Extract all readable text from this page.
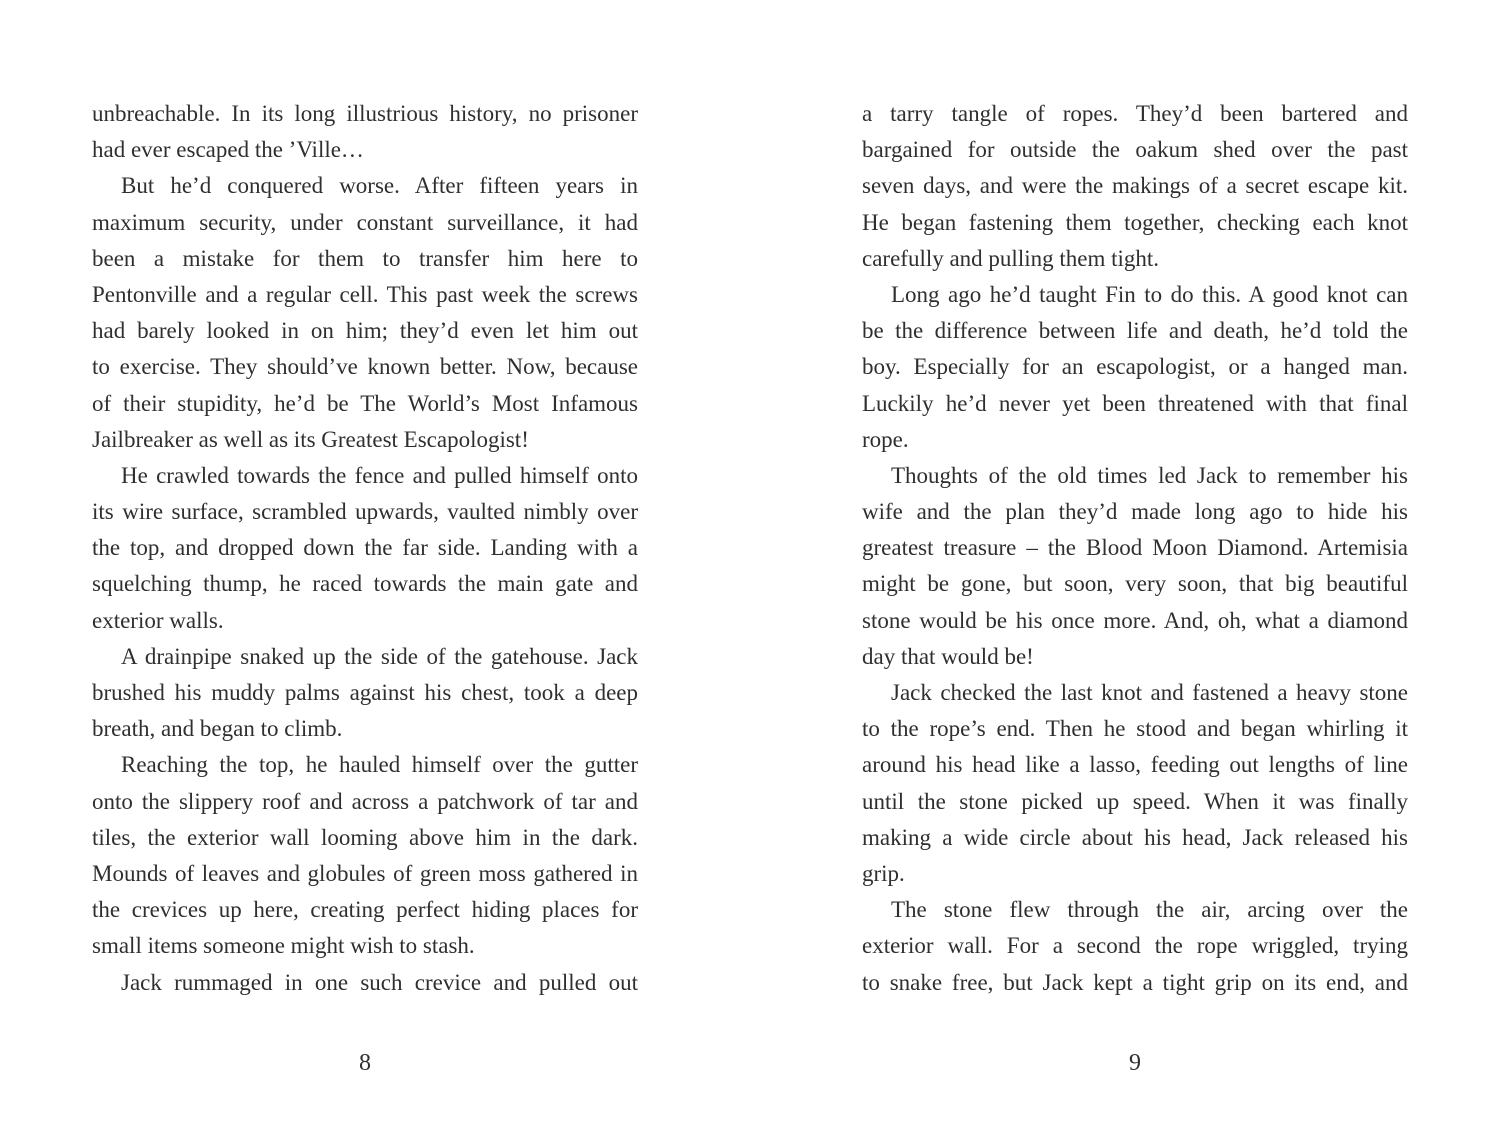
unbreachable. In its long illustrious history, no prisoner
had ever escaped the ’Ville…
But he’d conquered worse. After fifteen years in
maximum security, under constant surveillance, it had
been a mistake for them to transfer him here to
Pentonville and a regular cell. This past week the screws
had barely looked in on him; they’d even let him out
to exercise. They should’ve known better. Now, because
of their stupidity, he’d be The World’s Most Infamous
Jailbreaker as well as its Greatest Escapologist!
He crawled towards the fence and pulled himself onto
its wire surface, scrambled upwards, vaulted nimbly over
the top, and dropped down the far side. Landing with a
squelching thump, he raced towards the main gate and
exterior walls.
A drainpipe snaked up the side of the gatehouse. Jack
brushed his muddy palms against his chest, took a deep
breath, and began to climb.
Reaching the top, he hauled himself over the gutter
onto the slippery roof and across a patchwork of tar and
tiles, the exterior wall looming above him in the dark.
Mounds of leaves and globules of green moss gathered in
the crevices up here, creating perfect hiding places for
small items someone might wish to stash.
Jack rummaged in one such crevice and pulled out
8
a tarry tangle of ropes. They’d been bartered and
bargained for outside the oakum shed over the past
seven days, and were the makings of a secret escape kit.
He began fastening them together, checking each knot
carefully and pulling them tight.
Long ago he’d taught Fin to do this. A good knot can
be the difference between life and death, he’d told the
boy. Especially for an escapologist, or a hanged man.
Luckily he’d never yet been threatened with that final
rope.
Thoughts of the old times led Jack to remember his
wife and the plan they’d made long ago to hide his
greatest treasure – the Blood Moon Diamond. Artemisia
might be gone, but soon, very soon, that big beautiful
stone would be his once more. And, oh, what a diamond
day that would be!
Jack checked the last knot and fastened a heavy stone
to the rope’s end. Then he stood and began whirling it
around his head like a lasso, feeding out lengths of line
until the stone picked up speed. When it was finally
making a wide circle about his head, Jack released his
grip.
The stone flew through the air, arcing over the
exterior wall. For a second the rope wriggled, trying
to snake free, but Jack kept a tight grip on its end, and
9
